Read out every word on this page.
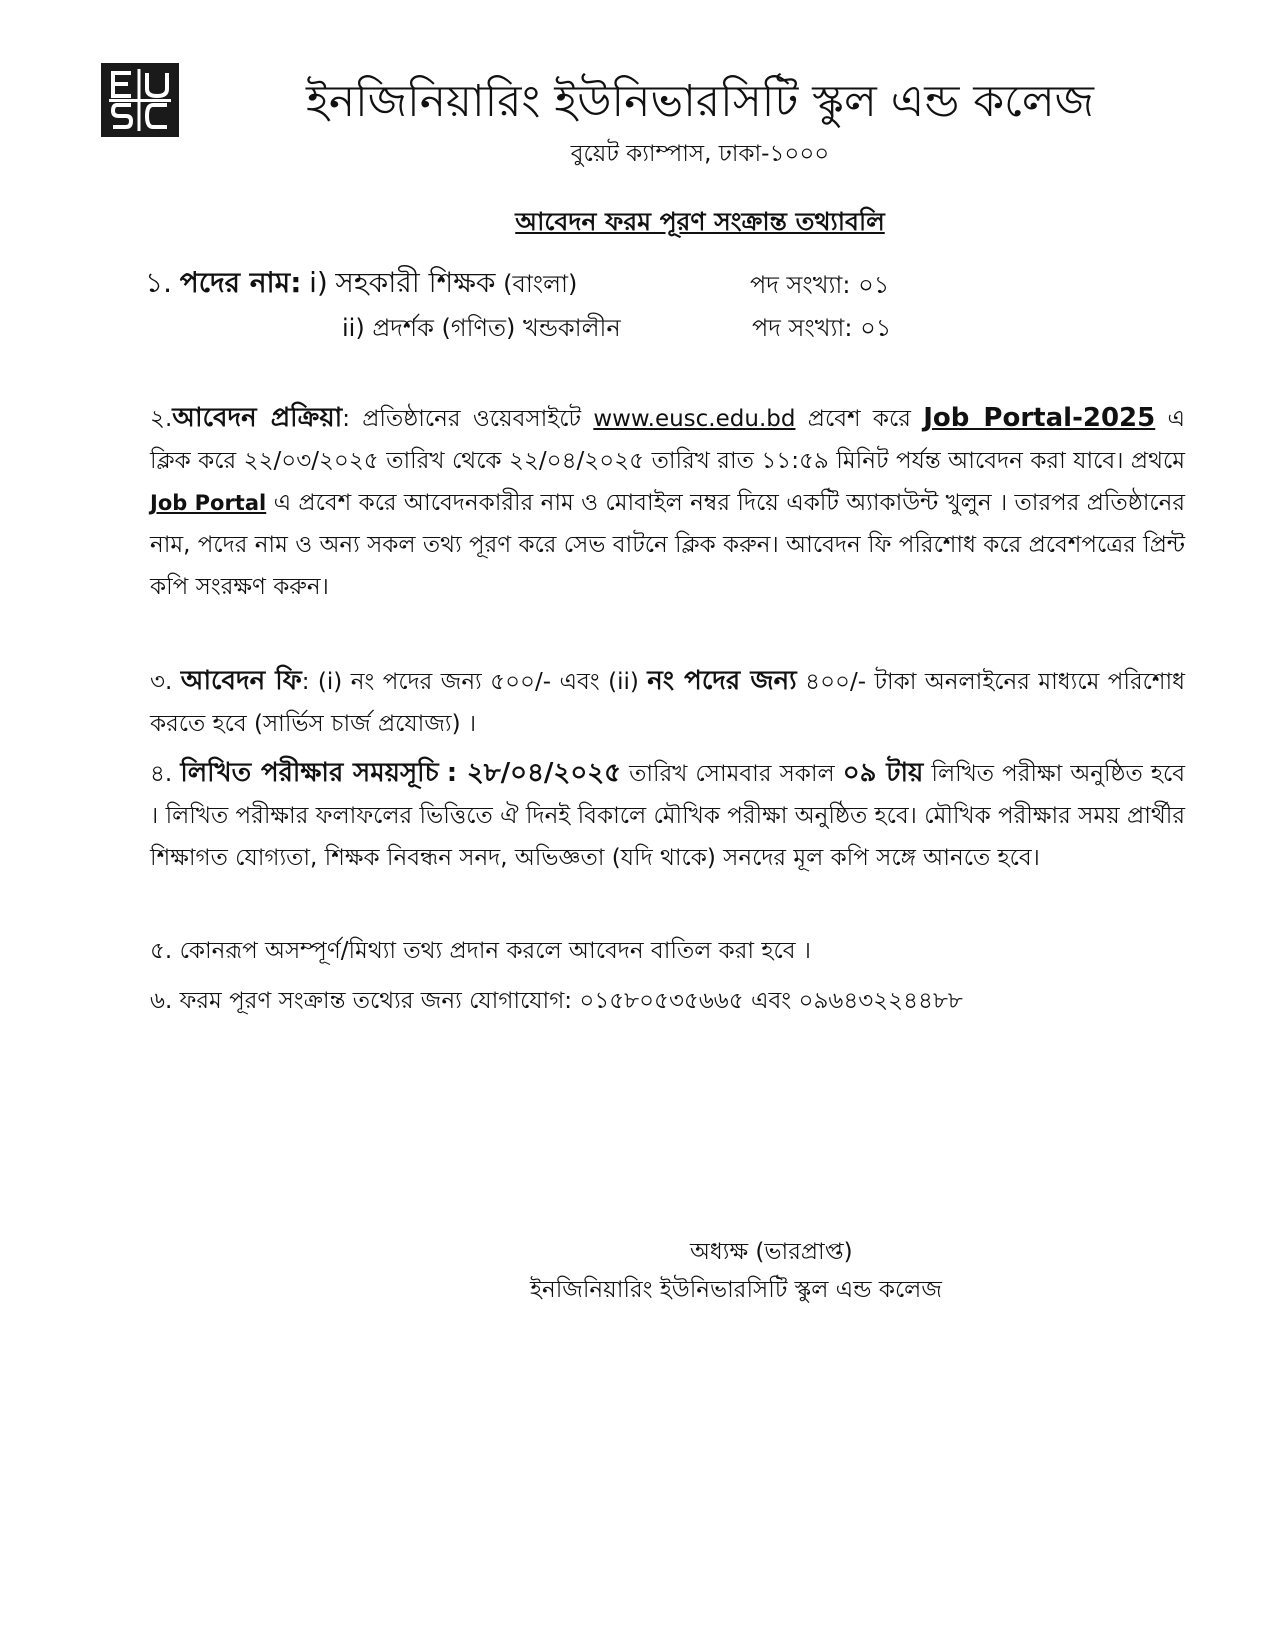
ইনজিনিয়ারিং ইউনিভারসিটি স্কুল এন্ড কলেজ
বুয়েট ক্যাম্পাস, ঢাকা-১০০০
আবেদন ফরম পূরণ সংক্রান্ত তথ্যাবলি
১. পদের নাম: i) সহকারী শিক্ষক (বাংলা)	পদ সংখ্যা: ০১
ii) প্রদর্শক (গণিত) খন্ডকালীন	পদ সংখ্যা: ০১
২.আবেদন প্রক্রিয়া: প্রতিষ্ঠানের ওয়েবসাইটে www.eusc.edu.bd প্রবেশ করে Job Portal-2025 এ ক্লিক করে ২২/০৩/২০২৫ তারিখ থেকে ২২/০৪/২০২৫ তারিখ রাত ১১:৫৯ মিনিট পর্যন্ত আবেদন করা যাবে। প্রথমে Job Portal এ প্রবেশ করে আবেদনকারীর নাম ও মোবাইল নম্বর দিয়ে একটি অ্যাকাউন্ট খুলুন । তারপর প্রতিষ্ঠানের নাম, পদের নাম ও অন্য সকল তথ্য পূরণ করে সেভ বাটনে ক্লিক করুন। আবেদন ফি পরিশোধ করে প্রবেশপত্রের প্রিন্ট কপি সংরক্ষণ করুন।
৩. আবেদন ফি: (i) নং পদের জন্য ৫০০/- এবং (ii) নং পদের জন্য ৪০০/- টাকা অনলাইনের মাধ্যমে পরিশোধ করতে হবে (সার্ভিস চার্জ প্রযোজ্য) ।
৪. লিখিত পরীক্ষার সময়সূচি : ২৮/০৪/২০২৫ তারিখ সোমবার সকাল ০৯ টায় লিখিত পরীক্ষা অনুষ্ঠিত হবে । লিখিত পরীক্ষার ফলাফলের ভিত্তিতে ঐ দিনই বিকালে মৌখিক পরীক্ষা অনুষ্ঠিত হবে। মৌখিক পরীক্ষার সময় প্রার্থীর শিক্ষাগত যোগ্যতা, শিক্ষক নিবন্ধন সনদ, অভিজ্ঞতা (যদি থাকে) সনদের মূল কপি সঙ্গে আনতে হবে।
৫. কোনরূপ অসম্পূর্ণ/মিথ্যা তথ্য প্রদান করলে আবেদন বাতিল করা হবে ।
৬. ফরম পূরণ সংক্রান্ত তথ্যের জন্য যোগাযোগ: ০১৫৮০৫৩৫৬৬৫ এবং ০৯৬৪৩২২৪৪৮৮
অধ্যক্ষ (ভারপ্রাপ্ত)
ইনজিনিয়ারিং ইউনিভারসিটি স্কুল এন্ড কলেজ
